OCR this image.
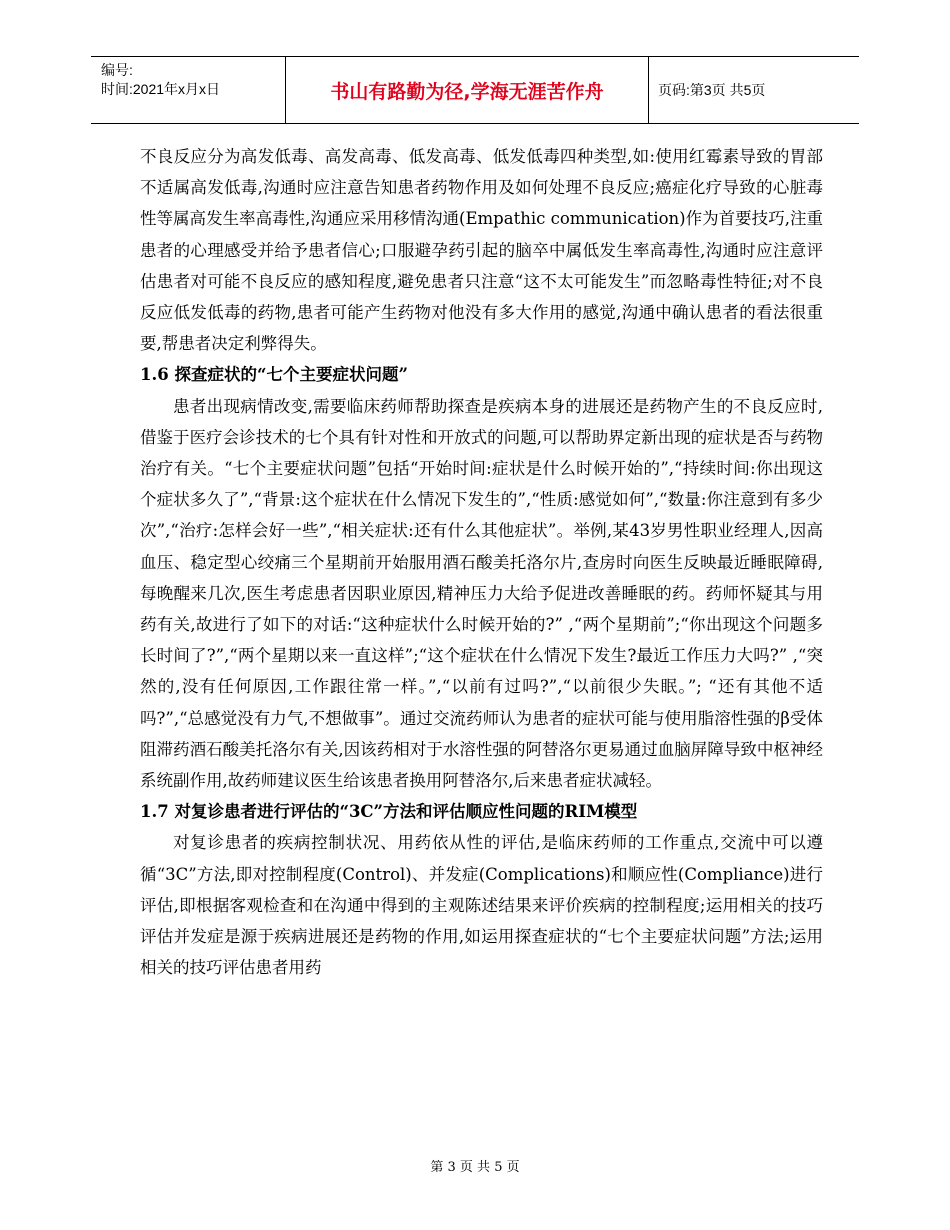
编号:
时间:2021年x月x日	书山有路勤为径,学海无涯苦作舟	页码:第3页 共5页

不良反应分为高发低毒、高发高毒、低发高毒、低发低毒四种类型,如:使用红霉素导致的胃部不适属高发低毒,沟通时应注意告知患者药物作用及如何处理不良反应;癌症化疗导致的心脏毒性等属高发生率高毒性,沟通应采用移情沟通(Empathic communication)作为首要技巧,注重患者的心理感受并给予患者信心;口服避孕药引起的脑卒中属低发生率高毒性,沟通时应注意评估患者对可能不良反应的感知程度,避免患者只注意“这不太可能发生”而忽略毒性特征;对不良反应低发低毒的药物,患者可能产生药物对他没有多大作用的感觉,沟通中确认患者的看法很重要,帮患者决定利弊得失。

1.6 探查症状的“七个主要症状问题”

患者出现病情改变,需要临床药师帮助探查是疾病本身的进展还是药物产生的不良反应时,借鉴于医疗会诊技术的七个具有针对性和开放式的问题,可以帮助界定新出现的症状是否与药物治疗有关。“七个主要症状问题”包括“开始时间:症状是什么时候开始的”,“持续时间:你出现这个症状多久了”,“背景:这个症状在什么情况下发生的”,“性质:感觉如何”,“数量:你注意到有多少次”,“治疗:怎样会好一些”,“相关症状:还有什么其他症状”。举例,某43岁男性职业经理人,因高血压、稳定型心绞痛三个星期前开始服用酒石酸美托洛尔片,查房时向医生反映最近睡眠障碍,每晚醒来几次,医生考虑患者因职业原因,精神压力大给予促进改善睡眠的药。药师怀疑其与用药有关,故进行了如下的对话:“这种症状什么时候开始的?” ,“两个星期前”;“你出现这个问题多长时间了?”,“两个星期以来一直这样”;“这个症状在什么情况下发生?最近工作压力大吗?” ,“突然的,没有任何原因,工作跟往常一样。”,“以前有过吗?”,“以前很少失眠。”; “还有其他不适吗?”,“总感觉没有力气,不想做事”。通过交流药师认为患者的症状可能与使用脂溶性强的β受体阻滞药酒石酸美托洛尔有关,因该药相对于水溶性强的阿替洛尔更易通过血脑屏障导致中枢神经系统副作用,故药师建议医生给该患者换用阿替洛尔,后来患者症状减轻。

1.7 对复诊患者进行评估的“3C”方法和评估顺应性问题的RIM模型

对复诊患者的疾病控制状况、用药依从性的评估,是临床药师的工作重点,交流中可以遵循“3C”方法,即对控制程度(Control)、并发症(Complications)和顺应性(Compliance)进行评估,即根据客观检查和在沟通中得到的主观陈述结果来评价疾病的控制程度;运用相关的技巧评估并发症是源于疾病进展还是药物的作用,如运用探查症状的“七个主要症状问题”方法;运用相关的技巧评估患者用药

第 3 页 共 5 页
